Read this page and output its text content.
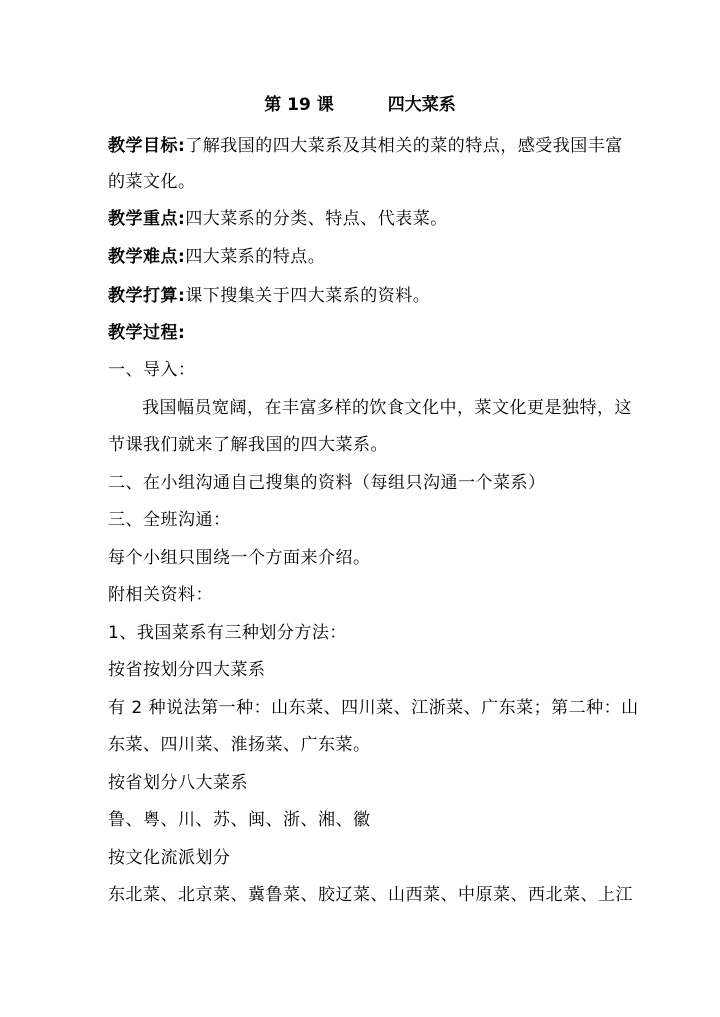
第 19 课	四大菜系
教学目标:了解我国的四大菜系及其相关的菜的特点，感受我国丰富
的菜文化。
教学重点:四大菜系的分类、特点、代表菜。
教学难点:四大菜系的特点。
教学打算:课下搜集关于四大菜系的资料。
教学过程:
一、导入：
我国幅员宽阔，在丰富多样的饮食文化中，菜文化更是独特，这
节课我们就来了解我国的四大菜系。
二、在小组沟通自己搜集的资料（每组只沟通一个菜系）
三、全班沟通：
每个小组只围绕一个方面来介绍。
附相关资料：
1、我国菜系有三种划分方法：
按省按划分四大菜系
有 2 种说法第一种：山东菜、四川菜、江浙菜、广东菜；第二种：山
东菜、四川菜、淮扬菜、广东菜。
按省划分八大菜系
鲁、粤、川、苏、闽、浙、湘、徽
按文化流派划分
东北菜、北京菜、冀鲁菜、胶辽菜、山西菜、中原菜、西北菜、上江
